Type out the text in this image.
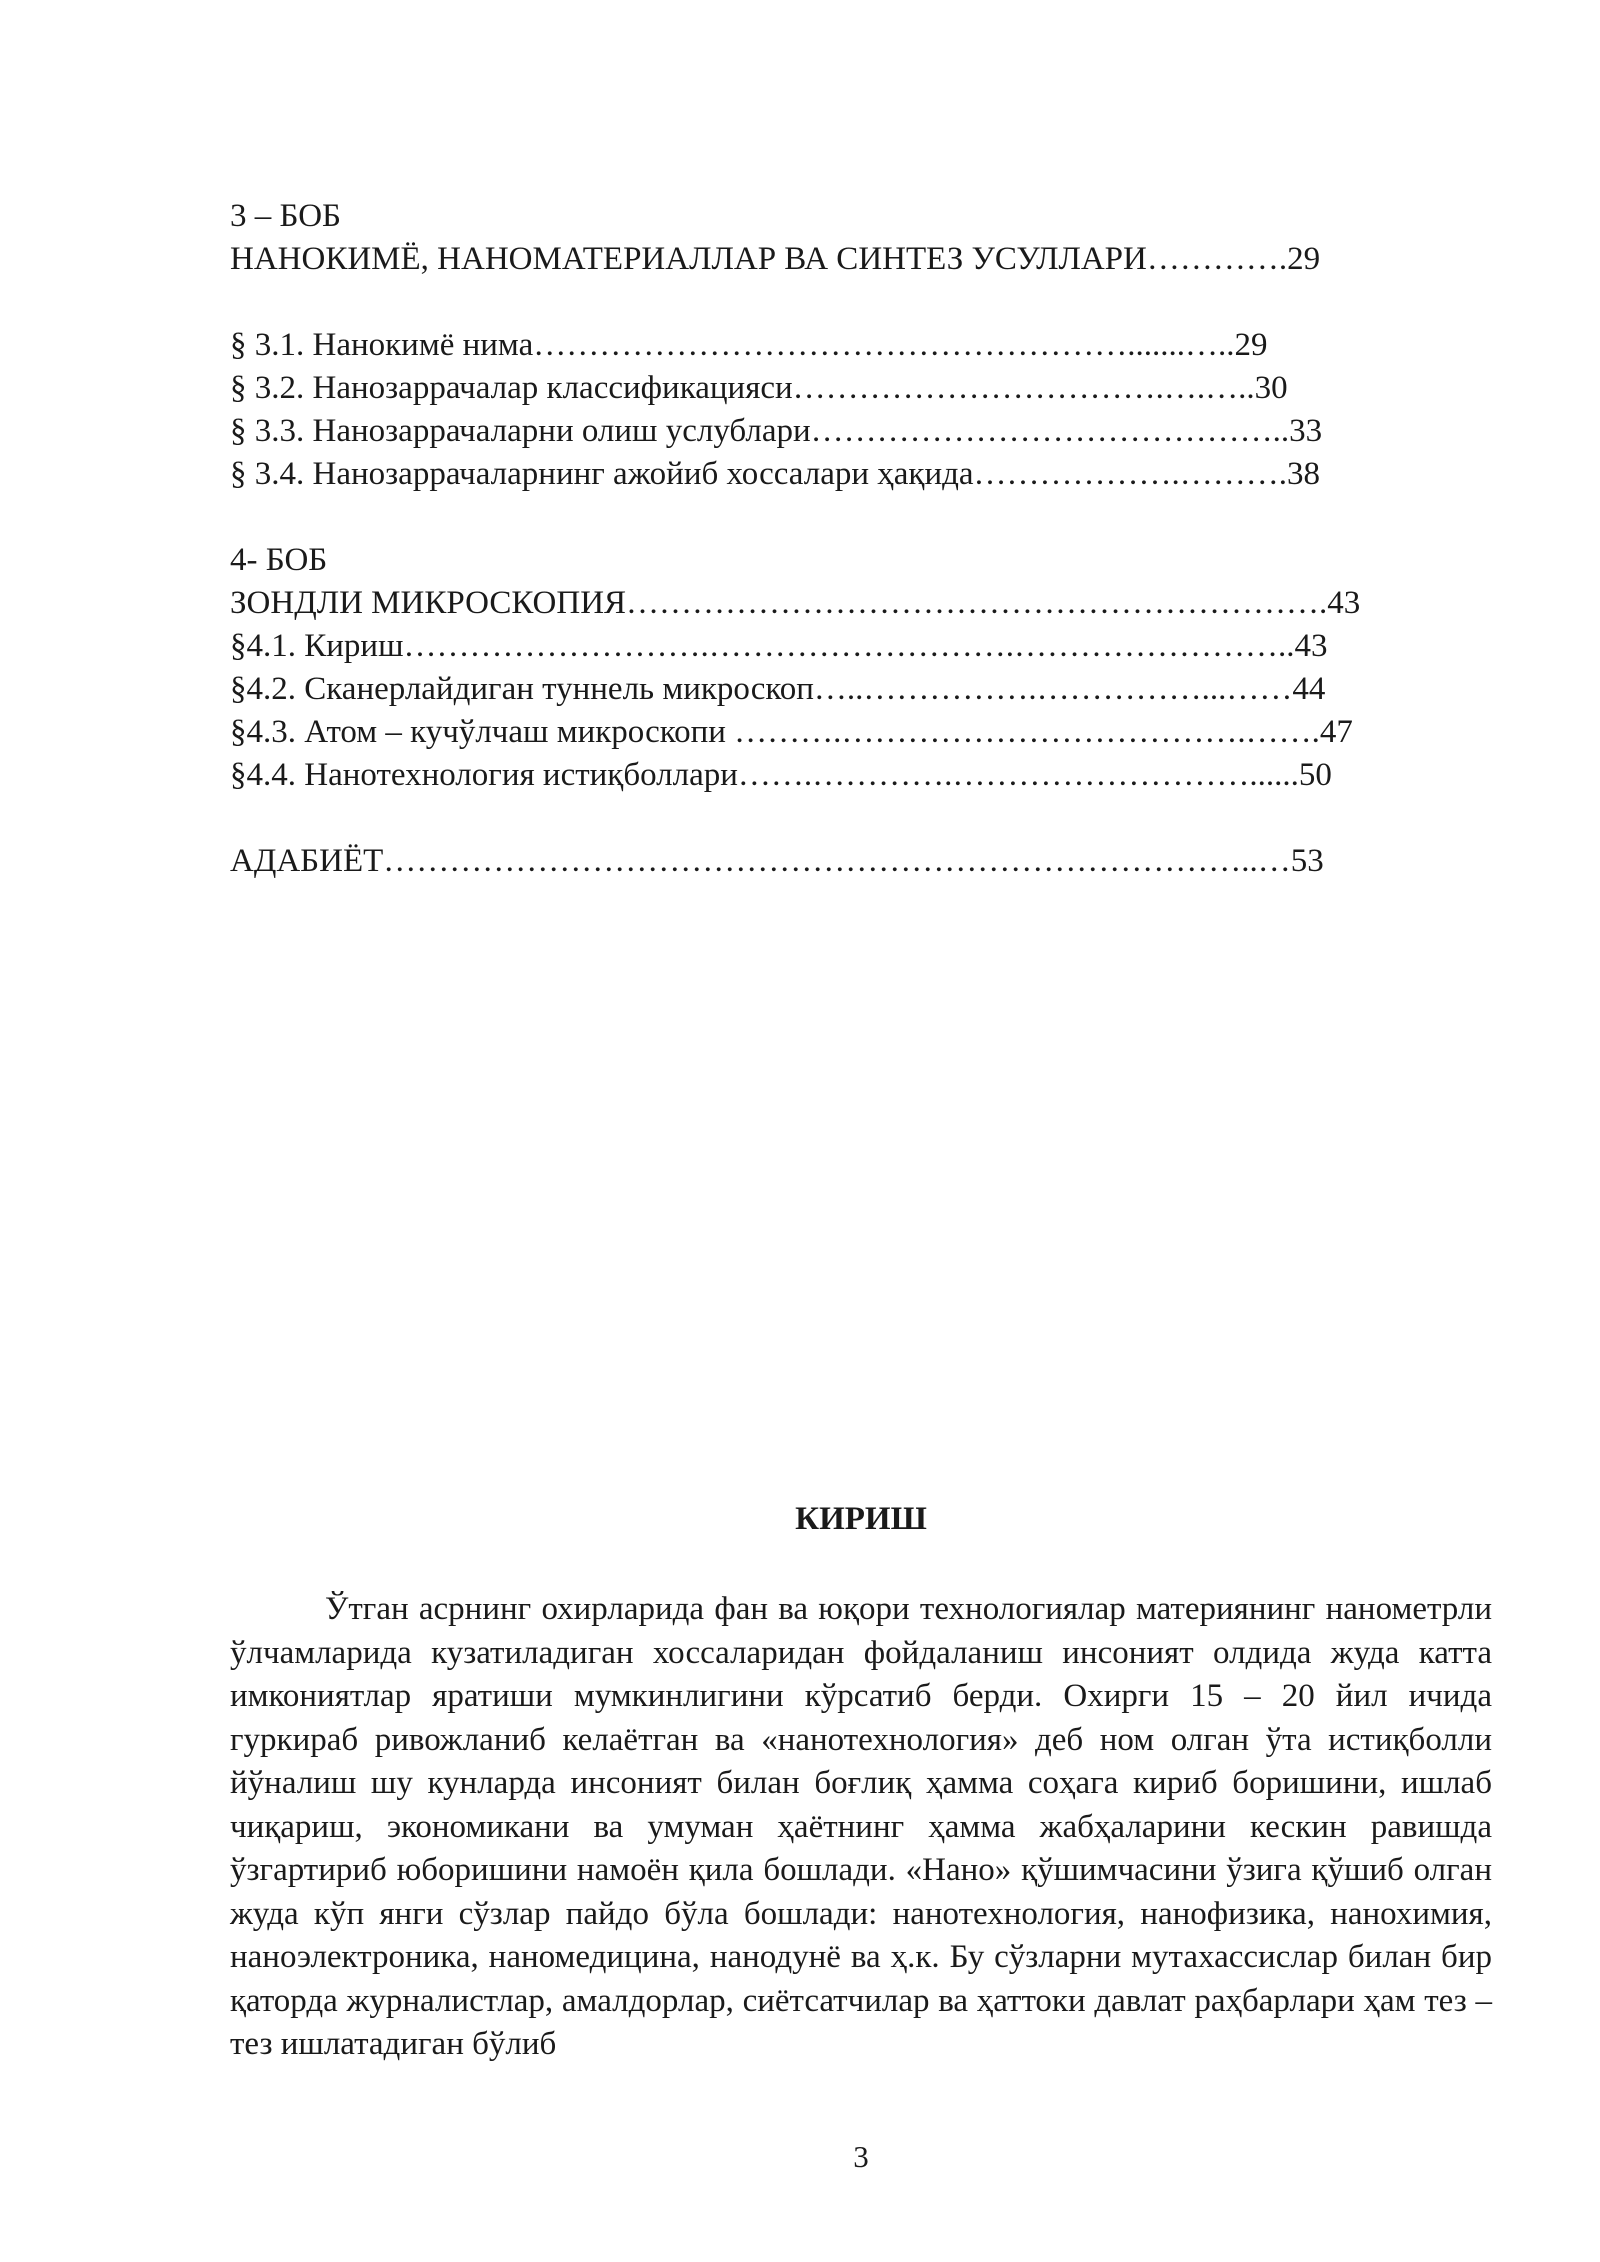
3 – БОБ
НАНОКИМЁ, НАНОМАТЕРИАЛЛАР ВА СИНТЕЗ УСУЛЛАРИ………….29
§ 3.1. Нанокимё нима……………………………………………….......…..29
§ 3.2. Нанозаррачалар классификацияси…………………………….….…..30
§ 3.3. Нанозаррачаларни олиш услублари……………………………………..33
§ 3.4. Нанозаррачаларнинг ажойиб хоссалари ҳақида……………….……….38
4- БОБ
ЗОНДЛИ МИКРОСКОПИЯ……………………………………………………….43
§4.1. Кириш……………………….……………………….……………………..43
§4.2. Сканерлайдиган туннель микроскоп…..…………….……………...……44
§4.3. Атом – кучўлчаш микроскопи ……….……………………………….…….47
§4.4. Нанотехнология истиқболлари…….………….………………………......50
АДАБИЁТ……………………………………………………………………..…53
КИРИШ

Ўтган асрнинг охирларида фан ва юқори технологиялар материянинг нанометрли ўлчамларида кузатиладиган хоссаларидан фойдаланиш инсоният олдида жуда катта имкониятлар яратиши мумкинлигини кўрсатиб берди. Охирги 15 – 20 йил ичида гуркираб ривожланиб келаётган ва «нанотехнология» деб ном олган ўта истиқболли йўналиш шу кунларда инсоният билан боғлиқ ҳамма соҳага кириб боришини, ишлаб чиқариш, экономикани ва умуман ҳаётнинг ҳамма жабҳаларини кескин равишда ўзгартириб юборишини намоён қила бошлади. «Нано» қўшимчасини ўзига қўшиб олган жуда кўп янги сўзлар пайдо бўла бошлади: нанотехнология, нанофизика, нанохимия, наноэлектроника, наномедицина, нанодунё ва ҳ.к. Бу сўзларни мутахассислар билан бир қаторда журналистлар, амалдорлар, сиётсатчилар ва ҳаттоки давлат раҳбарлари ҳам тез – тез ишлатадиган бўлиб

3
